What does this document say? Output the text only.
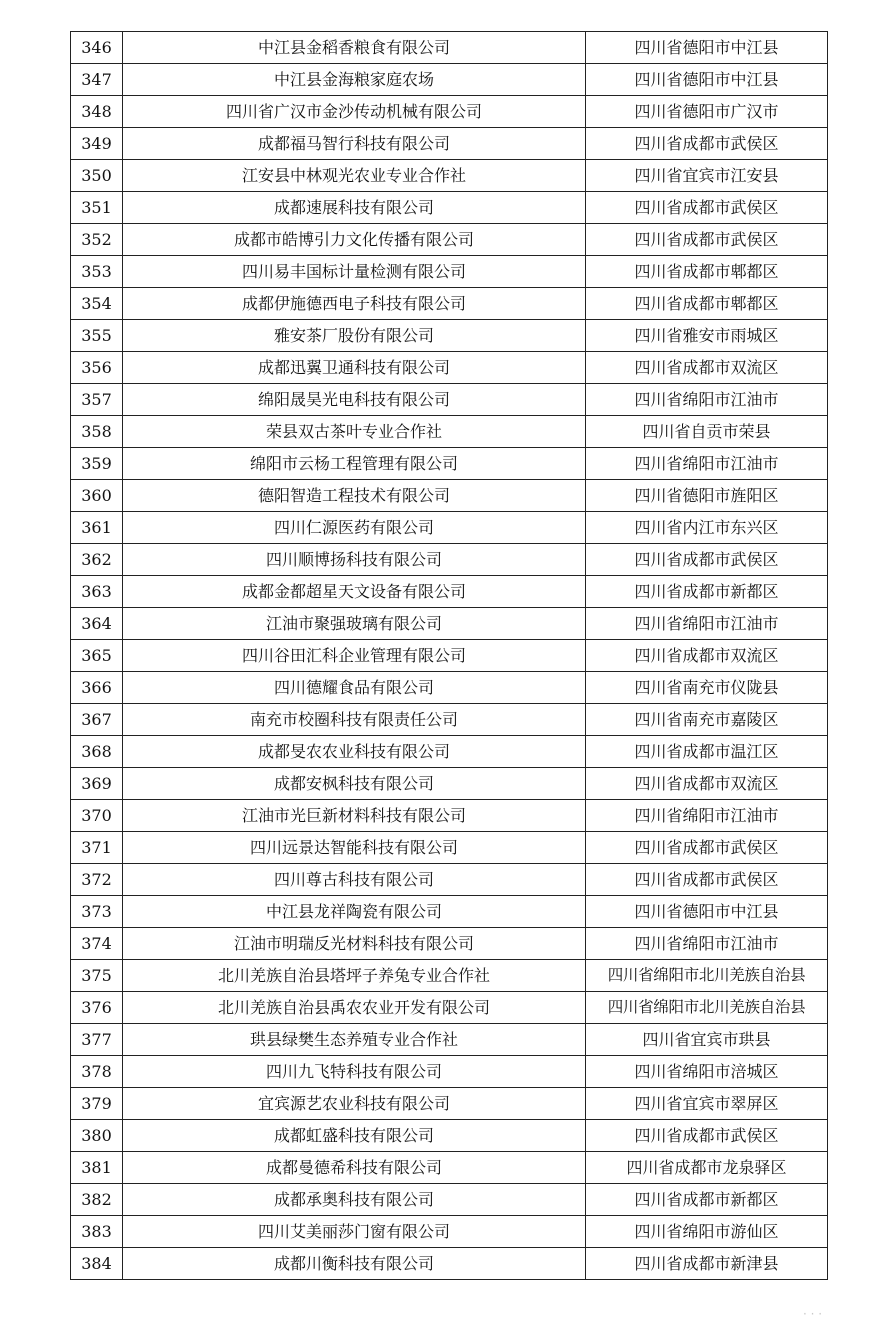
346	中江县金稻香粮食有限公司	四川省德阳市中江县
347	中江县金海粮家庭农场	四川省德阳市中江县
348	四川省广汉市金沙传动机械有限公司	四川省德阳市广汉市
349	成都福马智行科技有限公司	四川省成都市武侯区
350	江安县中林观光农业专业合作社	四川省宜宾市江安县
351	成都速展科技有限公司	四川省成都市武侯区
352	成都市皓博引力文化传播有限公司	四川省成都市武侯区
353	四川易丰国标计量检测有限公司	四川省成都市郫都区
354	成都伊施德西电子科技有限公司	四川省成都市郫都区
355	雅安茶厂股份有限公司	四川省雅安市雨城区
356	成都迅翼卫通科技有限公司	四川省成都市双流区
357	绵阳晟昊光电科技有限公司	四川省绵阳市江油市
358	荣县双古茶叶专业合作社	四川省自贡市荣县
359	绵阳市云杨工程管理有限公司	四川省绵阳市江油市
360	德阳智造工程技术有限公司	四川省德阳市旌阳区
361	四川仁源医药有限公司	四川省内江市东兴区
362	四川顺博扬科技有限公司	四川省成都市武侯区
363	成都金都超星天文设备有限公司	四川省成都市新都区
364	江油市聚强玻璃有限公司	四川省绵阳市江油市
365	四川谷田汇科企业管理有限公司	四川省成都市双流区
366	四川德耀食品有限公司	四川省南充市仪陇县
367	南充市校圈科技有限责任公司	四川省南充市嘉陵区
368	成都旻农农业科技有限公司	四川省成都市温江区
369	成都安枫科技有限公司	四川省成都市双流区
370	江油市光巨新材料科技有限公司	四川省绵阳市江油市
371	四川远景达智能科技有限公司	四川省成都市武侯区
372	四川尊古科技有限公司	四川省成都市武侯区
373	中江县龙祥陶瓷有限公司	四川省德阳市中江县
374	江油市明瑞反光材料科技有限公司	四川省绵阳市江油市
375	北川羌族自治县塔坪子养兔专业合作社	四川省绵阳市北川羌族自治县
376	北川羌族自治县禹农农业开发有限公司	四川省绵阳市北川羌族自治县
377	珙县绿樊生态养殖专业合作社	四川省宜宾市珙县
378	四川九飞特科技有限公司	四川省绵阳市涪城区
379	宜宾源艺农业科技有限公司	四川省宜宾市翠屏区
380	成都虹盛科技有限公司	四川省成都市武侯区
381	成都曼德希科技有限公司	四川省成都市龙泉驿区
382	成都承奥科技有限公司	四川省成都市新都区
383	四川艾美丽莎门窗有限公司	四川省绵阳市游仙区
384	成都川衡科技有限公司	四川省成都市新津县
· · ·
